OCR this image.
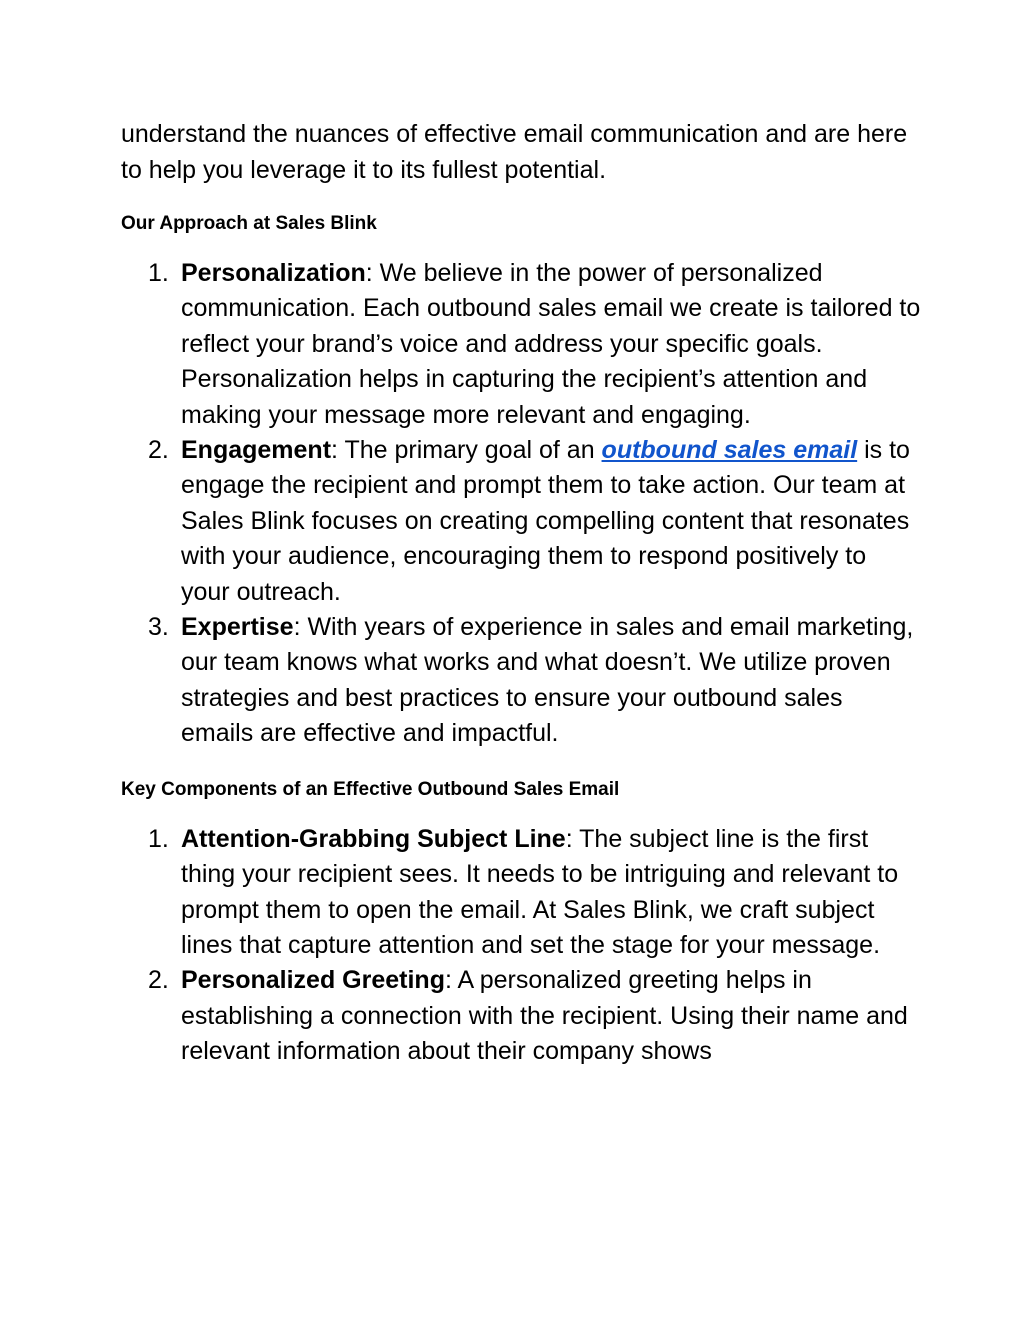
understand the nuances of effective email communication and are here to help you leverage it to its fullest potential.

Our Approach at Sales Blink
1. Personalization: We believe in the power of personalized communication. Each outbound sales email we create is tailored to reflect your brand’s voice and address your specific goals. Personalization helps in capturing the recipient’s attention and making your message more relevant and engaging.
2. Engagement: The primary goal of an outbound sales email is to engage the recipient and prompt them to take action. Our team at Sales Blink focuses on creating compelling content that resonates with your audience, encouraging them to respond positively to your outreach.
3. Expertise: With years of experience in sales and email marketing, our team knows what works and what doesn’t. We utilize proven strategies and best practices to ensure your outbound sales emails are effective and impactful.
Key Components of an Effective Outbound Sales Email
1. Attention-Grabbing Subject Line: The subject line is the first thing your recipient sees. It needs to be intriguing and relevant to prompt them to open the email. At Sales Blink, we craft subject lines that capture attention and set the stage for your message.
2. Personalized Greeting: A personalized greeting helps in establishing a connection with the recipient. Using their name and relevant information about their company shows
